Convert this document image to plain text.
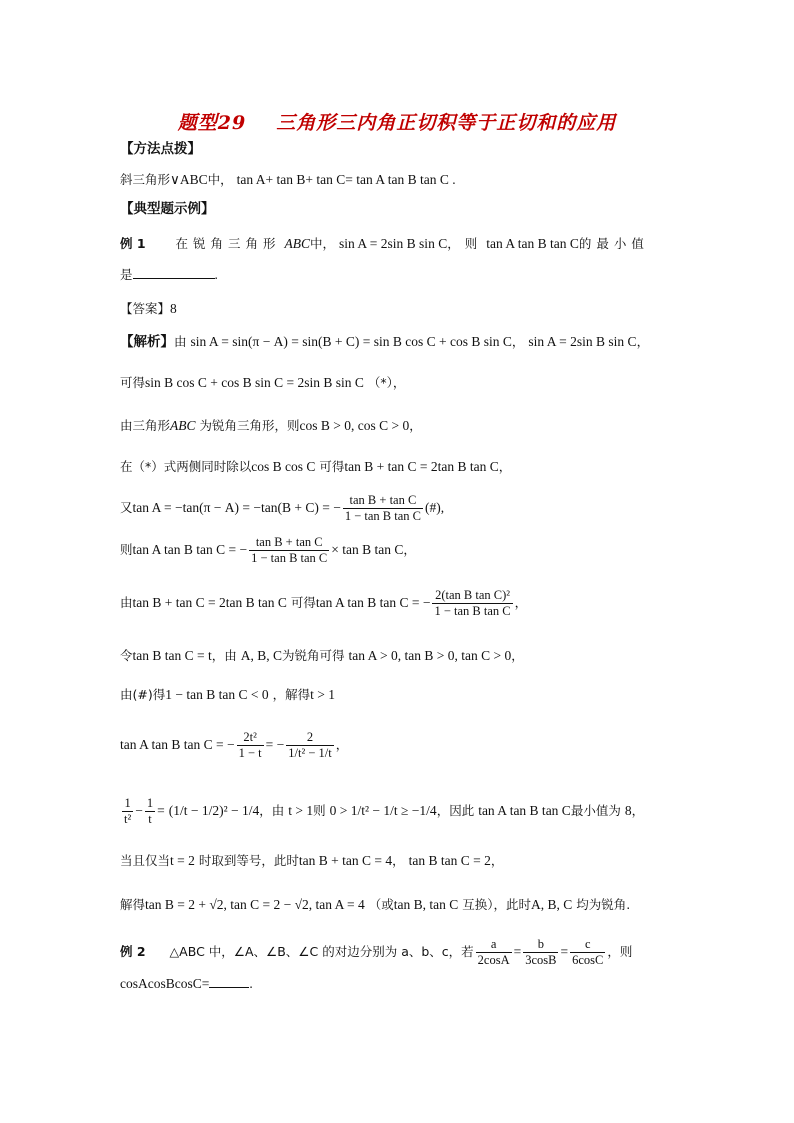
题型29 三角形三内角正切积等于正切和的应用
【方法点拨】
斜三角形∨ABC中， tan A+ tan B+ tan C= tan A tan B tan C .
【典型题示例】
例 1 在锐角三角形 ABC中， sin A = 2sin B sin C，则 tan A tan B tan C的最小值
是	.
【答案】8
【解析】由 sin A = sin(π − A) = sin(B + C) = sin B cos C + cos B sin C， sin A = 2sin B sin C，
可得sin B cos C + cos B sin C = 2sin B sin C （*），
由三角形ABC 为锐角三角形，则cos B > 0, cos C > 0，
在（*）式两侧同时除以cos B cos C 可得tan B + tan C = 2tan B tan C，
又tan A = −tan(π − A) = −tan(B + C) = − $\frac{\text{tan B + tan C}}{\text{1 − tan B tan C}}$ (#),
则tan A tan B tan C = − $\frac{\text{tan B + tan C}}{\text{1 − tan B tan C}} \times \tan B$ tan C，
由tan B + tan C = 2tan B tan C 可得tan A tan B tan C = − $\frac{\text{2(tan B tan C)²}}{\text{1 − tan B tan C}}$ ，
令tan B tan C = t，由 A, B, C为锐角可得 tan A > 0, tan B > 0, tan C > 0，
由(#)得1 − tan B tan C < 0 ，解得t > 1
tan A tan B tan C = − $\frac{\text{2t²}}{1 - t}$ = − $\frac{2}{\text{1/t² − 1/t}}$ ，
$\frac{1}{\text{t²}} - \frac{1}{t} = (1/t - 1/2)^2 - 1/4$，由 t > 1则 0 > 1/t² − 1/t ≥ −1/4，因此 tan A tan B tan C最小值为 8，
当且仅当t = 2 时取到等号，此时tan B + tan C = 4， tan B tan C = 2，
解得tan B = 2 + √2, tan C = 2 − √2, tan A = 4 （或tan B, tan C 互换），此时A, B, C 均为锐角.
例 2 △ABC 中，∠A、∠B、∠C 的对边分别为 a、b、c，若 $\frac{a}{2\cos A} = \frac{b}{3\cos B} = \frac{c}{6\cos C}$ ，则
cosAcosBcosC=	.
